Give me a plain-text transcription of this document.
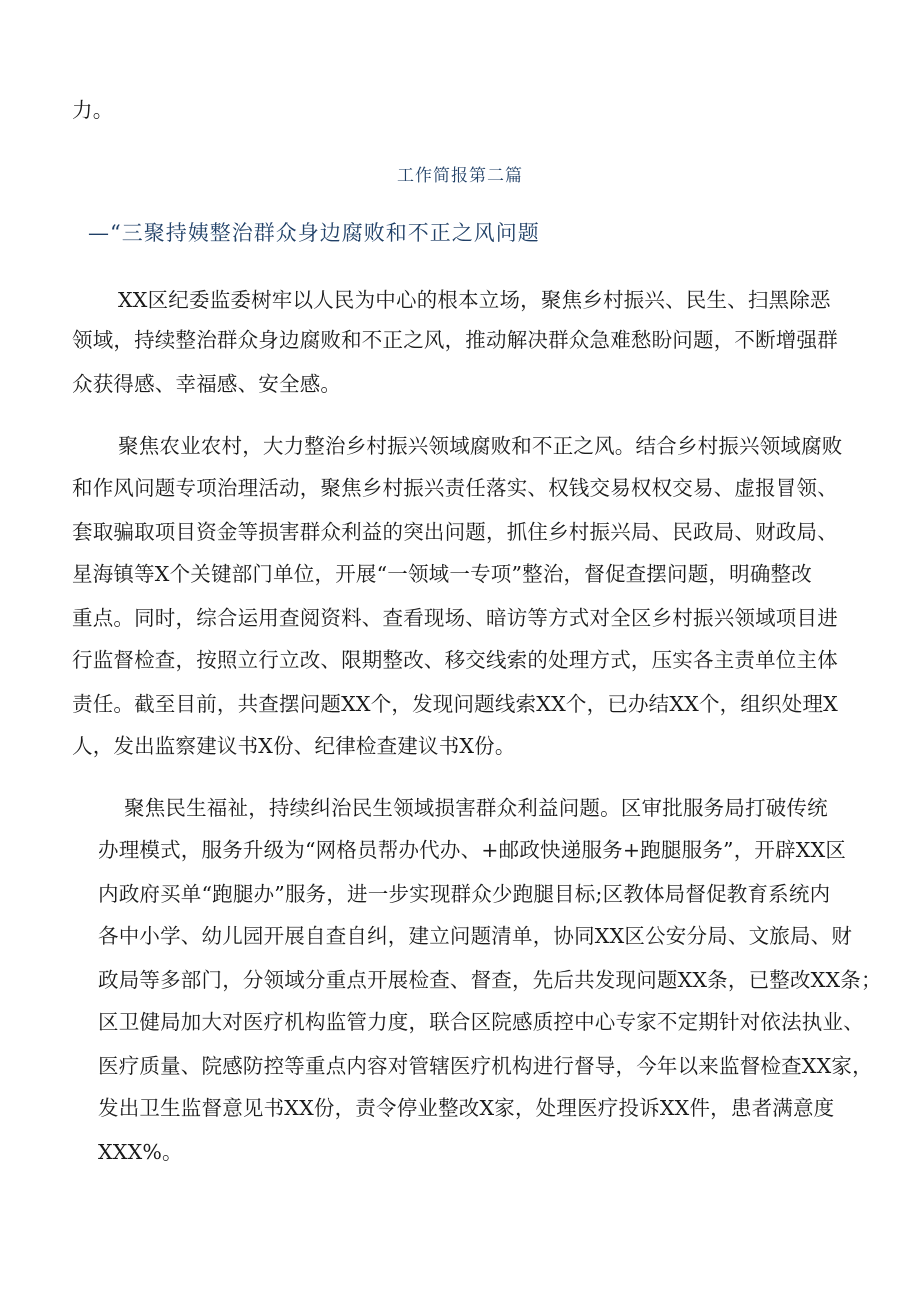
力。
工作简报第二篇
—“三聚持姨整治群众身边腐败和不正之风问题
XX区纪委监委树牢以人民为中心的根本立场，聚焦乡村振兴、民生、扫黑除恶
领域，持续整治群众身边腐败和不正之风，推动解决群众急难愁盼问题，不断增强群
众获得感、幸福感、安全感。
聚焦农业农村，大力整治乡村振兴领域腐败和不正之风。结合乡村振兴领域腐败
和作风问题专项治理活动，聚焦乡村振兴责任落实、权钱交易权权交易、虚报冒领、
套取骗取项目资金等损害群众利益的突出问题，抓住乡村振兴局、民政局、财政局、
星海镇等X个关键部门单位，开展“一领域一专项”整治，督促查摆问题，明确整改
重点。同时，综合运用查阅资料、查看现场、暗访等方式对全区乡村振兴领域项目进
行监督检查，按照立行立改、限期整改、移交线索的处理方式，压实各主责单位主体
责任。截至目前，共查摆问题XX个，发现问题线索XX个，已办结XX个，组织处理X
人，发出监察建议书X份、纪律检查建议书X份。
聚焦民生福祉，持续纠治民生领域损害群众利益问题。区审批服务局打破传统
办理模式，服务升级为“网格员帮办代办、+邮政快递服务+跑腿服务”，开辟XX区
内政府买单“跑腿办”服务，进一步实现群众少跑腿目标;区教体局督促教育系统内
各中小学、幼儿园开展自查自纠，建立问题清单，协同XX区公安分局、文旅局、财
政局等多部门，分领域分重点开展检查、督查，先后共发现问题XX条，已整改XX条；
区卫健局加大对医疗机构监管力度，联合区院感质控中心专家不定期针对依法执业、
医疗质量、院感防控等重点内容对管辖医疗机构进行督导，今年以来监督检查XX家，
发出卫生监督意见书XX份，责令停业整改X家，处理医疗投诉XX件，患者满意度
XXX%。
